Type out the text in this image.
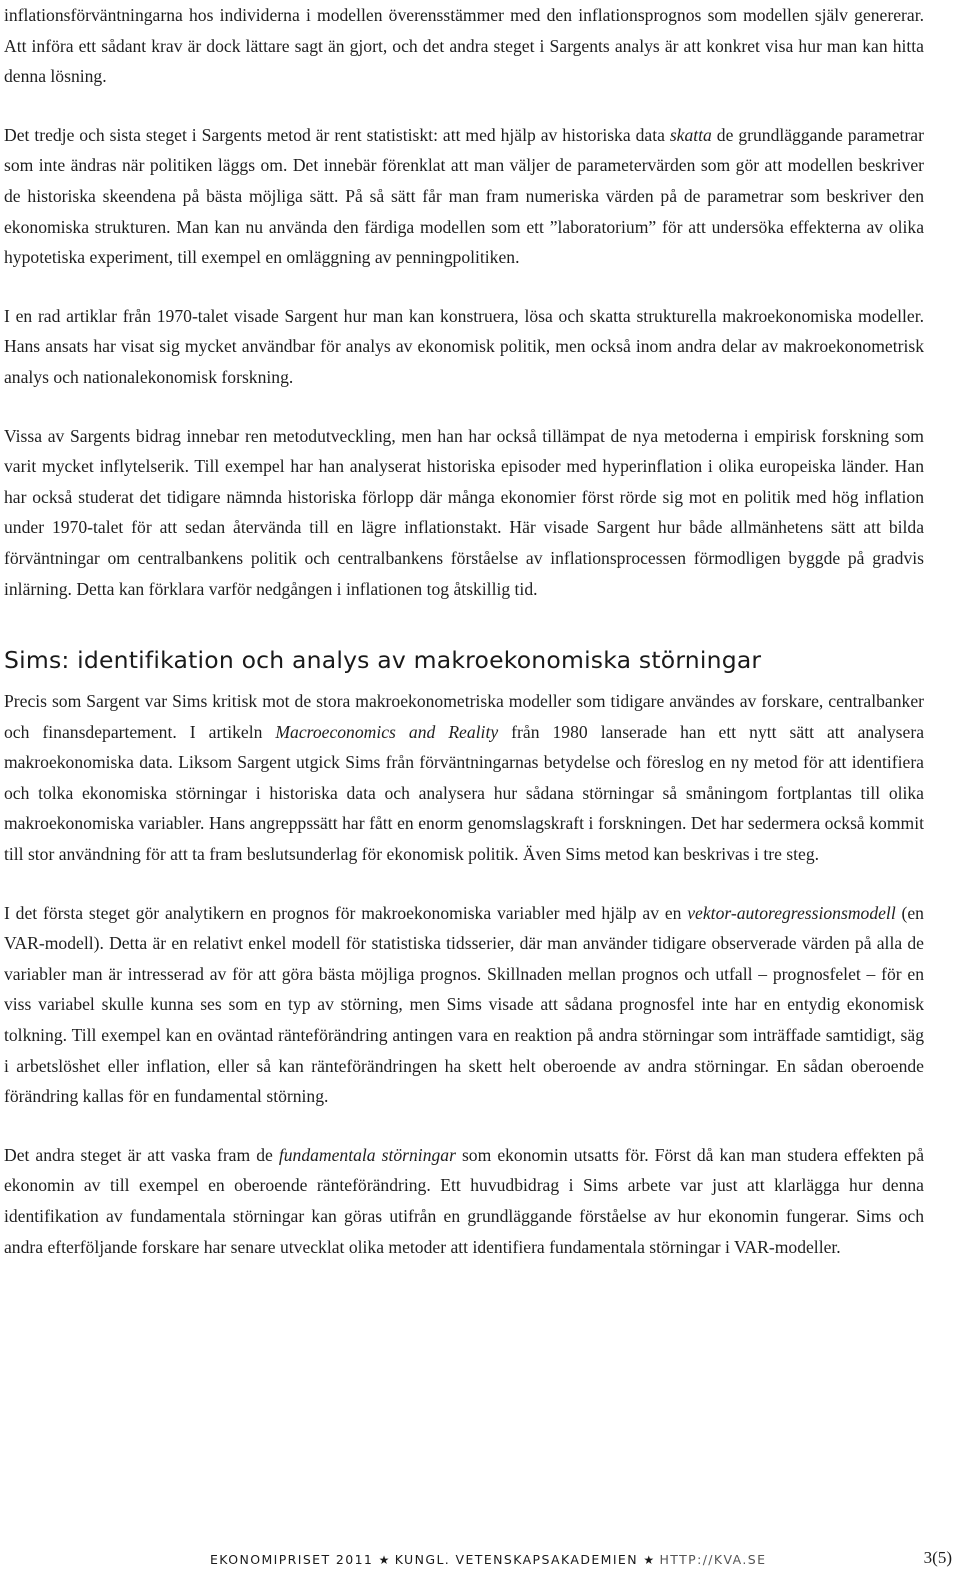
inflationsförväntningarna hos individerna i modellen överensstämmer med den inflationsprognos som modellen själv genererar. Att införa ett sådant krav är dock lättare sagt än gjort, och det andra steget i Sargents analys är att konkret visa hur man kan hitta denna lösning.

Det tredje och sista steget i Sargents metod är rent statistiskt: att med hjälp av historiska data skatta de grundläggande parametrar som inte ändras när politiken läggs om. Det innebär förenklat att man väljer de parametervärden som gör att modellen beskriver de historiska skeendena på bästa möjliga sätt. På så sätt får man fram numeriska värden på de parametrar som beskriver den ekonomiska strukturen. Man kan nu använda den färdiga modellen som ett ”laboratorium” för att undersöka effekterna av olika hypotetiska experiment, till exempel en omläggning av penningpolitiken.

I en rad artiklar från 1970-talet visade Sargent hur man kan konstruera, lösa och skatta strukturella makroekonomiska modeller. Hans ansats har visat sig mycket användbar för analys av ekonomisk politik, men också inom andra delar av makroekonometrisk analys och nationalekonomisk forskning.

Vissa av Sargents bidrag innebar ren metodutveckling, men han har också tillämpat de nya metoderna i empirisk forskning som varit mycket inflytelserik. Till exempel har han analyserat historiska episoder med hyperinflation i olika europeiska länder. Han har också studerat det tidigare nämnda historiska förlopp där många ekonomier först rörde sig mot en politik med hög inflation under 1970-talet för att sedan återvända till en lägre inflationstakt. Här visade Sargent hur både allmänhetens sätt att bilda förväntningar om centralbankens politik och centralbankens förståelse av inflationsprocessen förmodligen byggde på gradvis inlärning. Detta kan förklara varför nedgången i inflationen tog åtskillig tid.

Sims: identifikation och analys av makroekonomiska störningar

Precis som Sargent var Sims kritisk mot de stora makroekonometriska modeller som tidigare användes av forskare, centralbanker och finansdepartement. I artikeln Macroeconomics and Reality från 1980 lanserade han ett nytt sätt att analysera makroekonomiska data. Liksom Sargent utgick Sims från förväntningarnas betydelse och föreslog en ny metod för att identifiera och tolka ekonomiska störningar i historiska data och analysera hur sådana störningar så småningom fortplantas till olika makroekonomiska variabler. Hans angreppssätt har fått en enorm genomslagskraft i forskningen. Det har sedermera också kommit till stor användning för att ta fram beslutsunderlag för ekonomisk politik. Även Sims metod kan beskrivas i tre steg.

I det första steget gör analytikern en prognos för makroekonomiska variabler med hjälp av en vektor-autoregressionsmodell (en VAR-modell). Detta är en relativt enkel modell för statistiska tidsserier, där man använder tidigare observerade värden på alla de variabler man är intresserad av för att göra bästa möjliga prognos. Skillnaden mellan prognos och utfall – prognosfelet – för en viss variabel skulle kunna ses som en typ av störning, men Sims visade att sådana prognosfel inte har en entydig ekonomisk tolkning. Till exempel kan en oväntad ränteförändring antingen vara en reaktion på andra störningar som inträffade samtidigt, säg i arbetslöshet eller inflation, eller så kan ränteförändringen ha skett helt oberoende av andra störningar. En sådan oberoende förändring kallas för en fundamental störning.

Det andra steget är att vaska fram de fundamentala störningar som ekonomin utsatts för. Först då kan man studera effekten på ekonomin av till exempel en oberoende ränteförändring. Ett huvudbidrag i Sims arbete var just att klarlägga hur denna identifikation av fundamentala störningar kan göras utifrån en grundläggande förståelse av hur ekonomin fungerar. Sims och andra efterföljande forskare har senare utvecklat olika metoder att identifiera fundamentala störningar i VAR-modeller.

EKONOMIPRISET 2011 ★ KUNGL. VETENSKAPSAKADEMIEN ★ HTTP://KVA.SE	3(5)
